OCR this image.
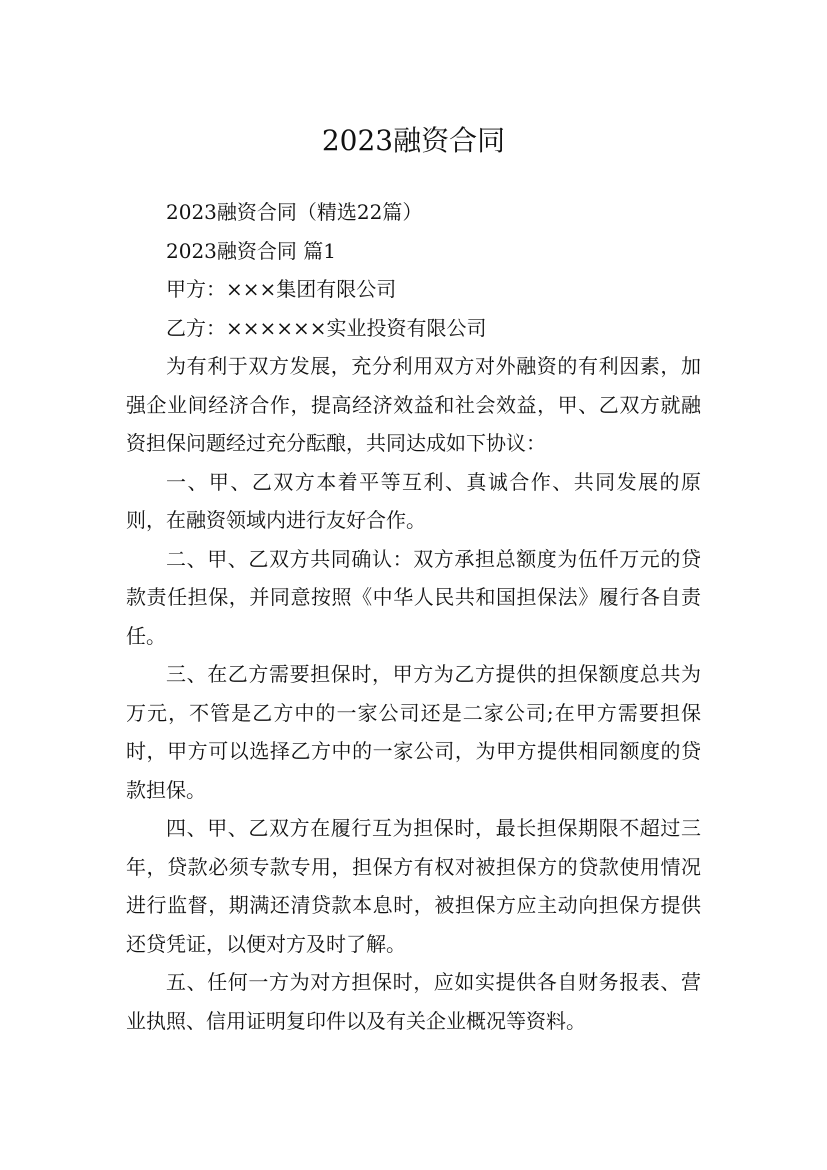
2023融资合同

2023融资合同（精选22篇）

2023融资合同 篇1

甲方：×××集团有限公司

乙方：××××××实业投资有限公司

为有利于双方发展，充分利用双方对外融资的有利因素，加强企业间经济合作，提高经济效益和社会效益，甲、乙双方就融资担保问题经过充分酝酿，共同达成如下协议：

一、甲、乙双方本着平等互利、真诚合作、共同发展的原则，在融资领域内进行友好合作。

二、甲、乙双方共同确认：双方承担总额度为伍仟万元的贷款责任担保，并同意按照《中华人民共和国担保法》履行各自责任。

三、在乙方需要担保时，甲方为乙方提供的担保额度总共为 万元，不管是乙方中的一家公司还是二家公司;在甲方需要担保时，甲方可以选择乙方中的一家公司，为甲方提供相同额度的贷款担保。

四、甲、乙双方在履行互为担保时，最长担保期限不超过三年，贷款必须专款专用，担保方有权对被担保方的贷款使用情况进行监督，期满还清贷款本息时，被担保方应主动向担保方提供还贷凭证，以便对方及时了解。

五、任何一方为对方担保时，应如实提供各自财务报表、营业执照、信用证明复印件以及有关企业概况等资料。
